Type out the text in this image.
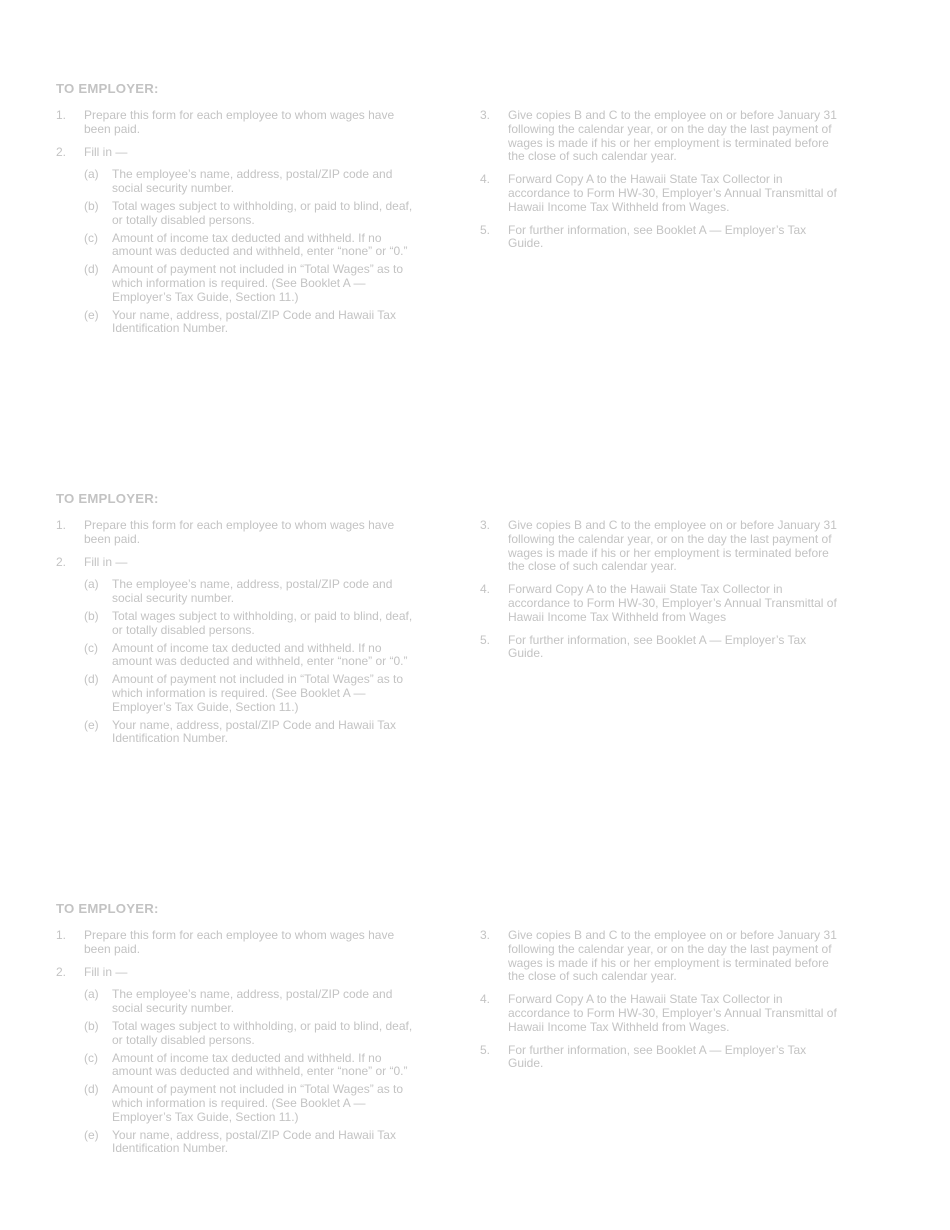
TO EMPLOYER:
1. Prepare this form for each employee to whom wages have been paid.
2. Fill in —
(a) The employee’s name, address, postal/ZIP code and social security number.
(b) Total wages subject to withholding, or paid to blind, deaf, or totally disabled persons.
(c) Amount of income tax deducted and withheld. If no amount was deducted and withheld, enter “none” or “0.”
(d) Amount of payment not included in “Total Wages” as to which information is required. (See Booklet A — Employer’s Tax Guide, Section 11.)
(e) Your name, address, postal/ZIP Code and Hawaii Tax Identification Number.
3. Give copies B and C to the employee on or before January 31 following the calendar year, or on the day the last payment of wages is made if his or her employment is terminated before the close of such calendar year.
4. Forward Copy A to the Hawaii State Tax Collector in accordance to Form HW-30, Employer’s Annual Transmittal of Hawaii Income Tax Withheld from Wages.
5. For further information, see Booklet A — Employer’s Tax Guide.
TO EMPLOYER:
1. Prepare this form for each employee to whom wages have been paid.
2. Fill in —
(a) The employee’s name, address, postal/ZIP code and social security number.
(b) Total wages subject to withholding, or paid to blind, deaf, or totally disabled persons.
(c) Amount of income tax deducted and withheld. If no amount was deducted and withheld, enter “none” or “0.”
(d) Amount of payment not included in “Total Wages” as to which information is required. (See Booklet A — Employer’s Tax Guide, Section 11.)
(e) Your name, address, postal/ZIP Code and Hawaii Tax Identification Number.
3. Give copies B and C to the employee on or before January 31 following the calendar year, or on the day the last payment of wages is made if his or her employment is terminated before the close of such calendar year.
4. Forward Copy A to the Hawaii State Tax Collector in accordance to Form HW-30, Employer’s Annual Transmittal of Hawaii Income Tax Withheld from Wages
5. For further information, see Booklet A — Employer’s Tax Guide.
TO EMPLOYER:
1. Prepare this form for each employee to whom wages have been paid.
2. Fill in —
(a) The employee’s name, address, postal/ZIP code and social security number.
(b) Total wages subject to withholding, or paid to blind, deaf, or totally disabled persons.
(c) Amount of income tax deducted and withheld. If no amount was deducted and withheld, enter “none” or “0.”
(d) Amount of payment not included in “Total Wages” as to which information is required. (See Booklet A — Employer’s Tax Guide, Section 11.)
(e) Your name, address, postal/ZIP Code and Hawaii Tax Identification Number.
3. Give copies B and C to the employee on or before January 31 following the calendar year, or on the day the last payment of wages is made if his or her employment is terminated before the close of such calendar year.
4. Forward Copy A to the Hawaii State Tax Collector in accordance to Form HW-30, Employer’s Annual Transmittal of Hawaii Income Tax Withheld from Wages.
5. For further information, see Booklet A — Employer’s Tax Guide.
